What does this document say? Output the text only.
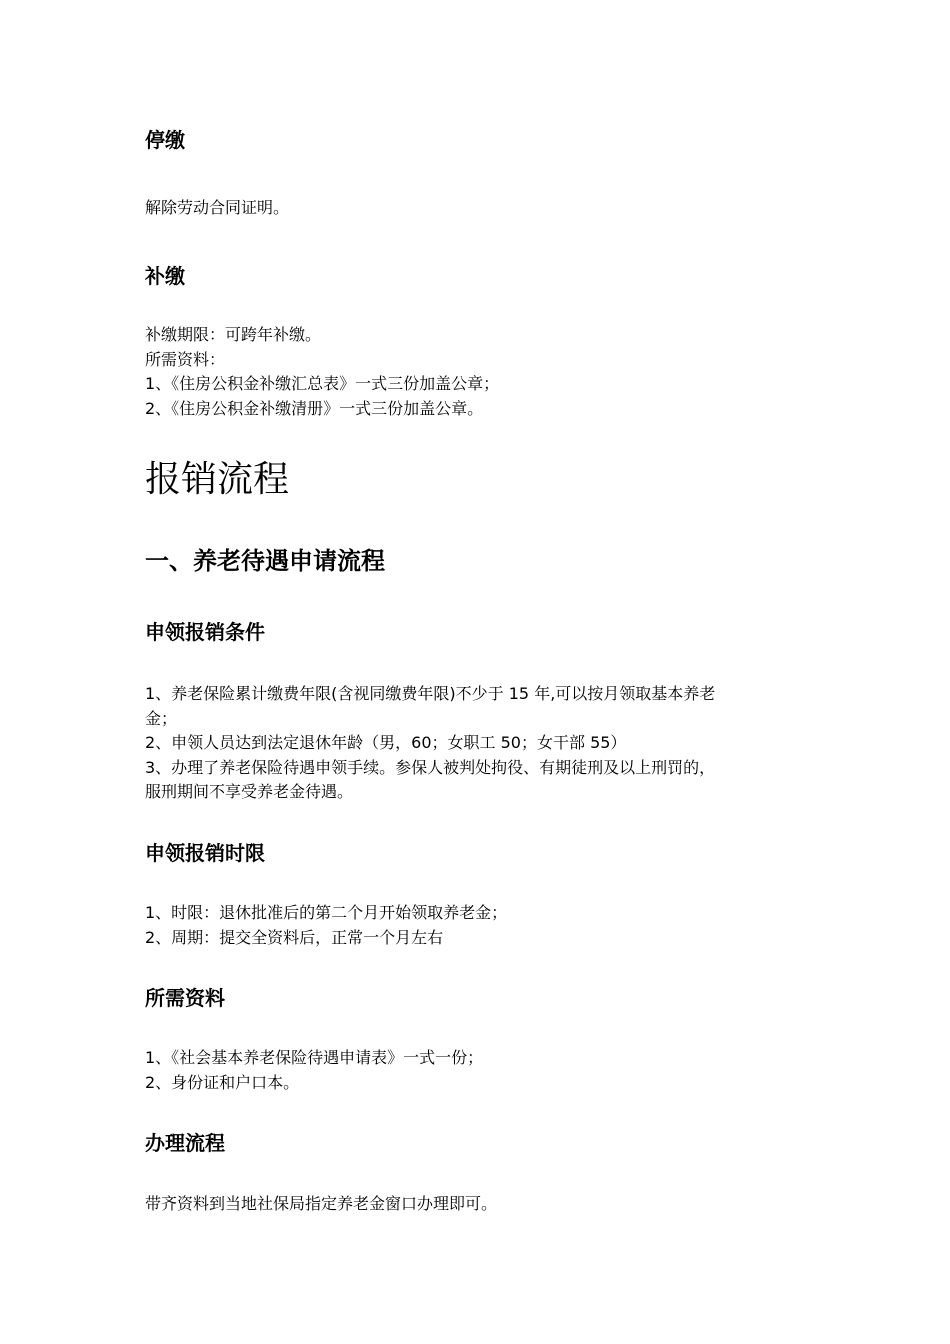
停缴

解除劳动合同证明。

补缴

补缴期限：可跨年补缴。
所需资料：
1、《住房公积金补缴汇总表》一式三份加盖公章；
2、《住房公积金补缴清册》一式三份加盖公章。

报销流程
一、养老待遇申请流程
申领报销条件

1、养老保险累计缴费年限(含视同缴费年限)不少于 15 年,可以按月领取基本养老
金；
2、申领人员达到法定退休年龄（男，60；女职工 50；女干部 55）
3、办理了养老保险待遇申领手续。参保人被判处拘役、有期徒刑及以上刑罚的，
服刑期间不享受养老金待遇。

申领报销时限

1、时限：退休批准后的第二个月开始领取养老金；
2、周期：提交全资料后，正常一个月左右

所需资料

1、《社会基本养老保险待遇申请表》一式一份；
2、身份证和户口本。

办理流程

带齐资料到当地社保局指定养老金窗口办理即可。
